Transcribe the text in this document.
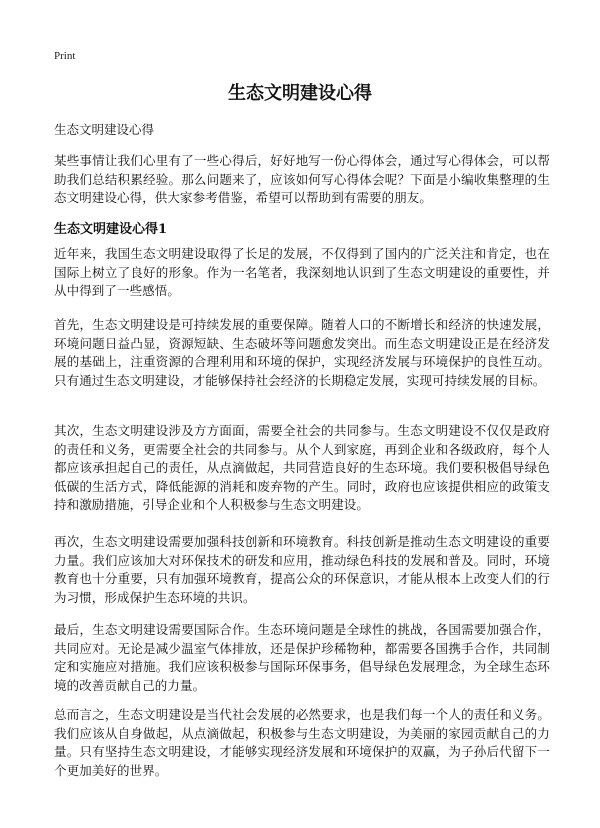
Print
生态文明建设心得

生态文明建设心得

某些事情让我们心里有了一些心得后，好好地写一份心得体会，通过写心得体会，可以帮助我们总结积累经验。那么问题来了，应该如何写心得体会呢？下面是小编收集整理的生态文明建设心得，供大家参考借鉴，希望可以帮助到有需要的朋友。

生态文明建设心得1

近年来，我国生态文明建设取得了长足的发展，不仅得到了国内的广泛关注和肯定，也在国际上树立了良好的形象。作为一名笔者，我深刻地认识到了生态文明建设的重要性，并从中得到了一些感悟。

首先，生态文明建设是可持续发展的重要保障。随着人口的不断增长和经济的快速发展，环境问题日益凸显，资源短缺、生态破坏等问题愈发突出。而生态文明建设正是在经济发展的基础上，注重资源的合理利用和环境的保护，实现经济发展与环境保护的良性互动。只有通过生态文明建设，才能够保持社会经济的长期稳定发展，实现可持续发展的目标。

其次，生态文明建设涉及方方面面，需要全社会的共同参与。生态文明建设不仅仅是政府的责任和义务，更需要全社会的共同参与。从个人到家庭，再到企业和各级政府，每个人都应该承担起自己的责任，从点滴做起，共同营造良好的生态环境。我们要积极倡导绿色低碳的生活方式，降低能源的消耗和废弃物的产生。同时，政府也应该提供相应的政策支持和激励措施，引导企业和个人积极参与生态文明建设。

再次，生态文明建设需要加强科技创新和环境教育。科技创新是推动生态文明建设的重要力量。我们应该加大对环保技术的研发和应用，推动绿色科技的发展和普及。同时，环境教育也十分重要，只有加强环境教育，提高公众的环保意识，才能从根本上改变人们的行为习惯，形成保护生态环境的共识。

最后，生态文明建设需要国际合作。生态环境问题是全球性的挑战，各国需要加强合作，共同应对。无论是减少温室气体排放，还是保护珍稀物种，都需要各国携手合作，共同制定和实施应对措施。我们应该积极参与国际环保事务，倡导绿色发展理念，为全球生态环境的改善贡献自己的力量。

总而言之，生态文明建设是当代社会发展的必然要求，也是我们每一个人的责任和义务。我们应该从自身做起，从点滴做起，积极参与生态文明建设，为美丽的家园贡献自己的力量。只有坚持生态文明建设，才能够实现经济发展和环境保护的双赢，为子孙后代留下一个更加美好的世界。
